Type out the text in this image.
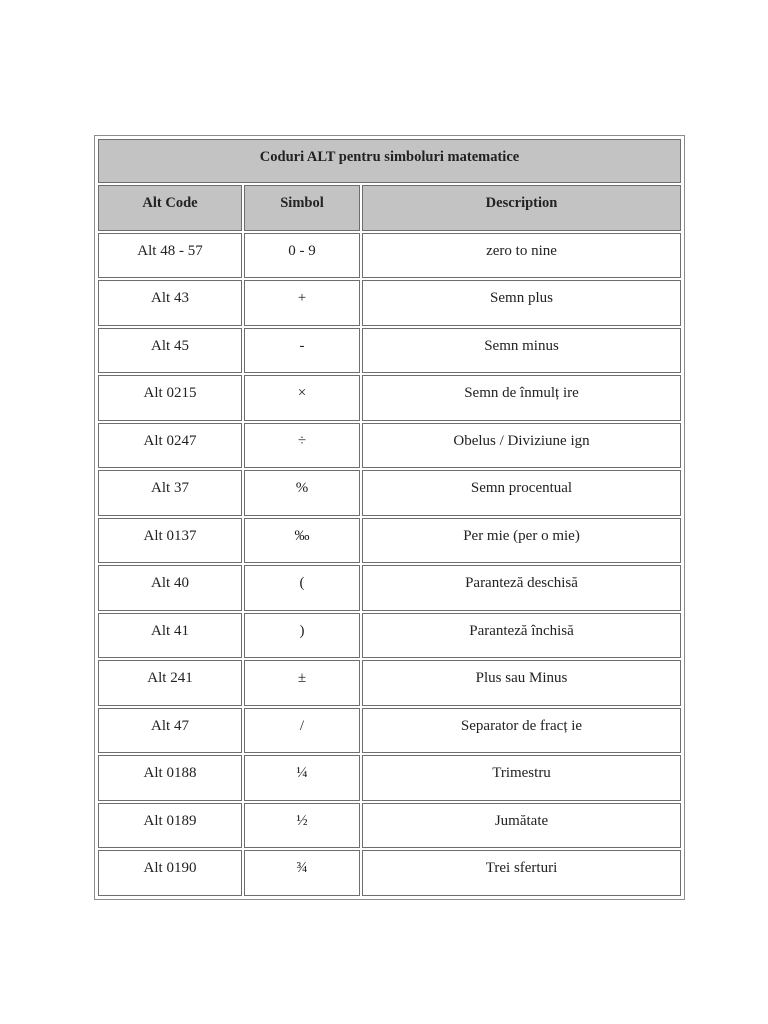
Coduri ALT pentru simboluri matematice		
Alt Code	Simbol	Description
Alt 48 - 57	0 - 9	zero to nine
Alt 43	+	Semn plus
Alt 45	-	Semn minus
Alt 0215	×	Semn de înmulț ire
Alt 0247	÷	Obelus / Diviziune ign
Alt 37	%	Semn procentual
Alt 0137	‰	Per mie (per o mie)
Alt 40	(	Paranteză deschisă
Alt 41	)	Paranteză închisă
Alt 241	±	Plus sau Minus
Alt 47	/	Separator de fracț ie
Alt 0188	¼	Trimestru
Alt 0189	½	Jumătate
Alt 0190	¾	Trei sferturi
